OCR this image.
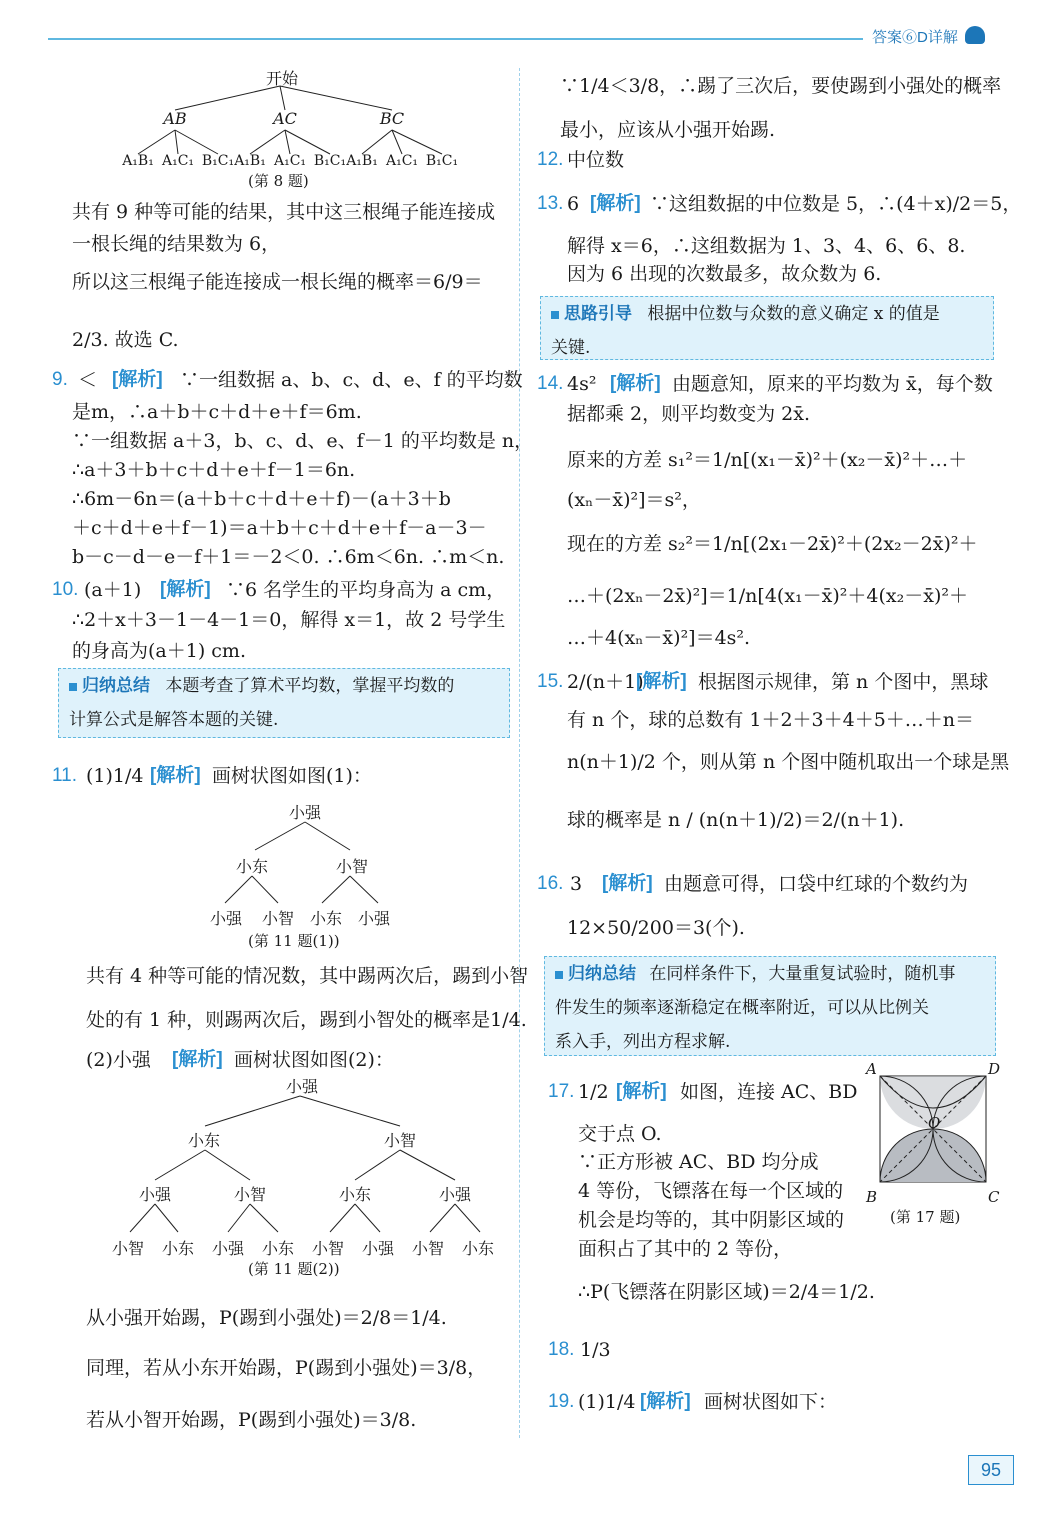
答案⑥D详解
开始
AB	AC	BC
A₁B₁ A₁C₁ B₁C₁ A₁B₁ A₁C₁ B₁C₁ A₁B₁ A₁C₁ B₁C₁
(第 8 题)
共有 9 种等可能的结果，其中这三根绳子能连接成
一根长绳的结果数为 6，
所以这三根绳子能连接成一根长绳的概率＝6/9＝
2/3. 故选 C.
9. ＜ [解析] ∵一组数据 a、b、c、d、e、f 的平均数
是m，∴a＋b＋c＋d＋e＋f＝6m.
∵一组数据 a＋3，b、c、d、e、f－1 的平均数是 n，
∴a＋3＋b＋c＋d＋e＋f－1＝6n.
∴6m－6n＝(a＋b＋c＋d＋e＋f)－(a＋3＋b
＋c＋d＋e＋f－1)＝a＋b＋c＋d＋e＋f－a－3－
b－c－d－e－f＋1＝－2＜0. ∴6m＜6n. ∴m＜n.
10. (a＋1) [解析] ∵6 名学生的平均身高为 a cm，
∴2＋x＋3－1－4－1＝0，解得 x＝1，故 2 号学生
的身高为(a＋1) cm.

归纳总结 本题考查了算术平均数，掌握平均数的

计算公式是解答本题的关键.

11. (1)1/4 [解析] 画树状图如图(1)：
小强
小东	小智
小强	小智 小东 小强
(第 11 题(1))
共有 4 种等可能的情况数，其中踢两次后，踢到小智
处的有 1 种，则踢两次后，踢到小智处的概率是1/4.
(2)小强 [解析] 画树状图如图(2)：
小强
小东	小智
小强	小智	小东	小强
小智	小东	小强	小东	小智	小强	小智	小东
(第 11 题(2))
从小强开始踢，P(踢到小强处)＝2/8＝1/4.
同理，若从小东开始踢，P(踢到小强处)＝3/8，
若从小智开始踢，P(踢到小强处)＝3/8.
∵1/4＜3/8，∴踢了三次后，要使踢到小强处的概率
最小，应该从小强开始踢.
12. 中位数
13. 6 [解析] ∵这组数据的中位数是 5，∴(4＋x)/2＝5，
解得 x＝6，∴这组数据为 1、3、4、6、6、8.
因为 6 出现的次数最多，故众数为 6.

思路引导 根据中位数与众数的意义确定 x 的值是

关键.

14. 4s² [解析] 由题意知，原来的平均数为 x̄，每个数
据都乘 2，则平均数变为 2x̄.
原来的方差 s₁²＝1/n[(x₁－x̄)²＋(x₂－x̄)²＋…＋
(xₙ－x̄)²]＝s²，
现在的方差 s₂²＝1/n[(2x₁－2x̄)²＋(2x₂－2x̄)²＋
…＋(2xₙ－2x̄)²]＝1/n[4(x₁－x̄)²＋4(x₂－x̄)²＋
…＋4(xₙ－x̄)²]＝4s².
15. 2/(n＋1)
[解析] 根据图示规律，第 n 个图中，黑球
有 n 个，球的总数有 1＋2＋3＋4＋5＋…＋n＝
n(n＋1)/2 个，则从第 n 个图中随机取出一个球是黑
球的概率是 n / (n(n＋1)/2)＝2/(n＋1).
16. 3 [解析] 由题意可得，口袋中红球的个数约为
12×50/200＝3(个).

归纳总结 在同样条件下，大量重复试验时，随机事

件发生的频率逐渐稳定在概率附近，可以从比例关

系入手，列出方程求解.

17. 1/2 [解析] 如图，连接 AC、BD
交于点 O.
∵正方形被 AC、BD 均分成
4 等份，飞镖落在每一个区域的
机会是均等的，其中阴影区域的
面积占了其中的 2 等份，
∴P(飞镖落在阴影区域)＝2/4＝1/2.
A	D
O
B	C
(第 17 题)
18. 1/3
19. (1)1/4 [解析] 画树状图如下：
95
